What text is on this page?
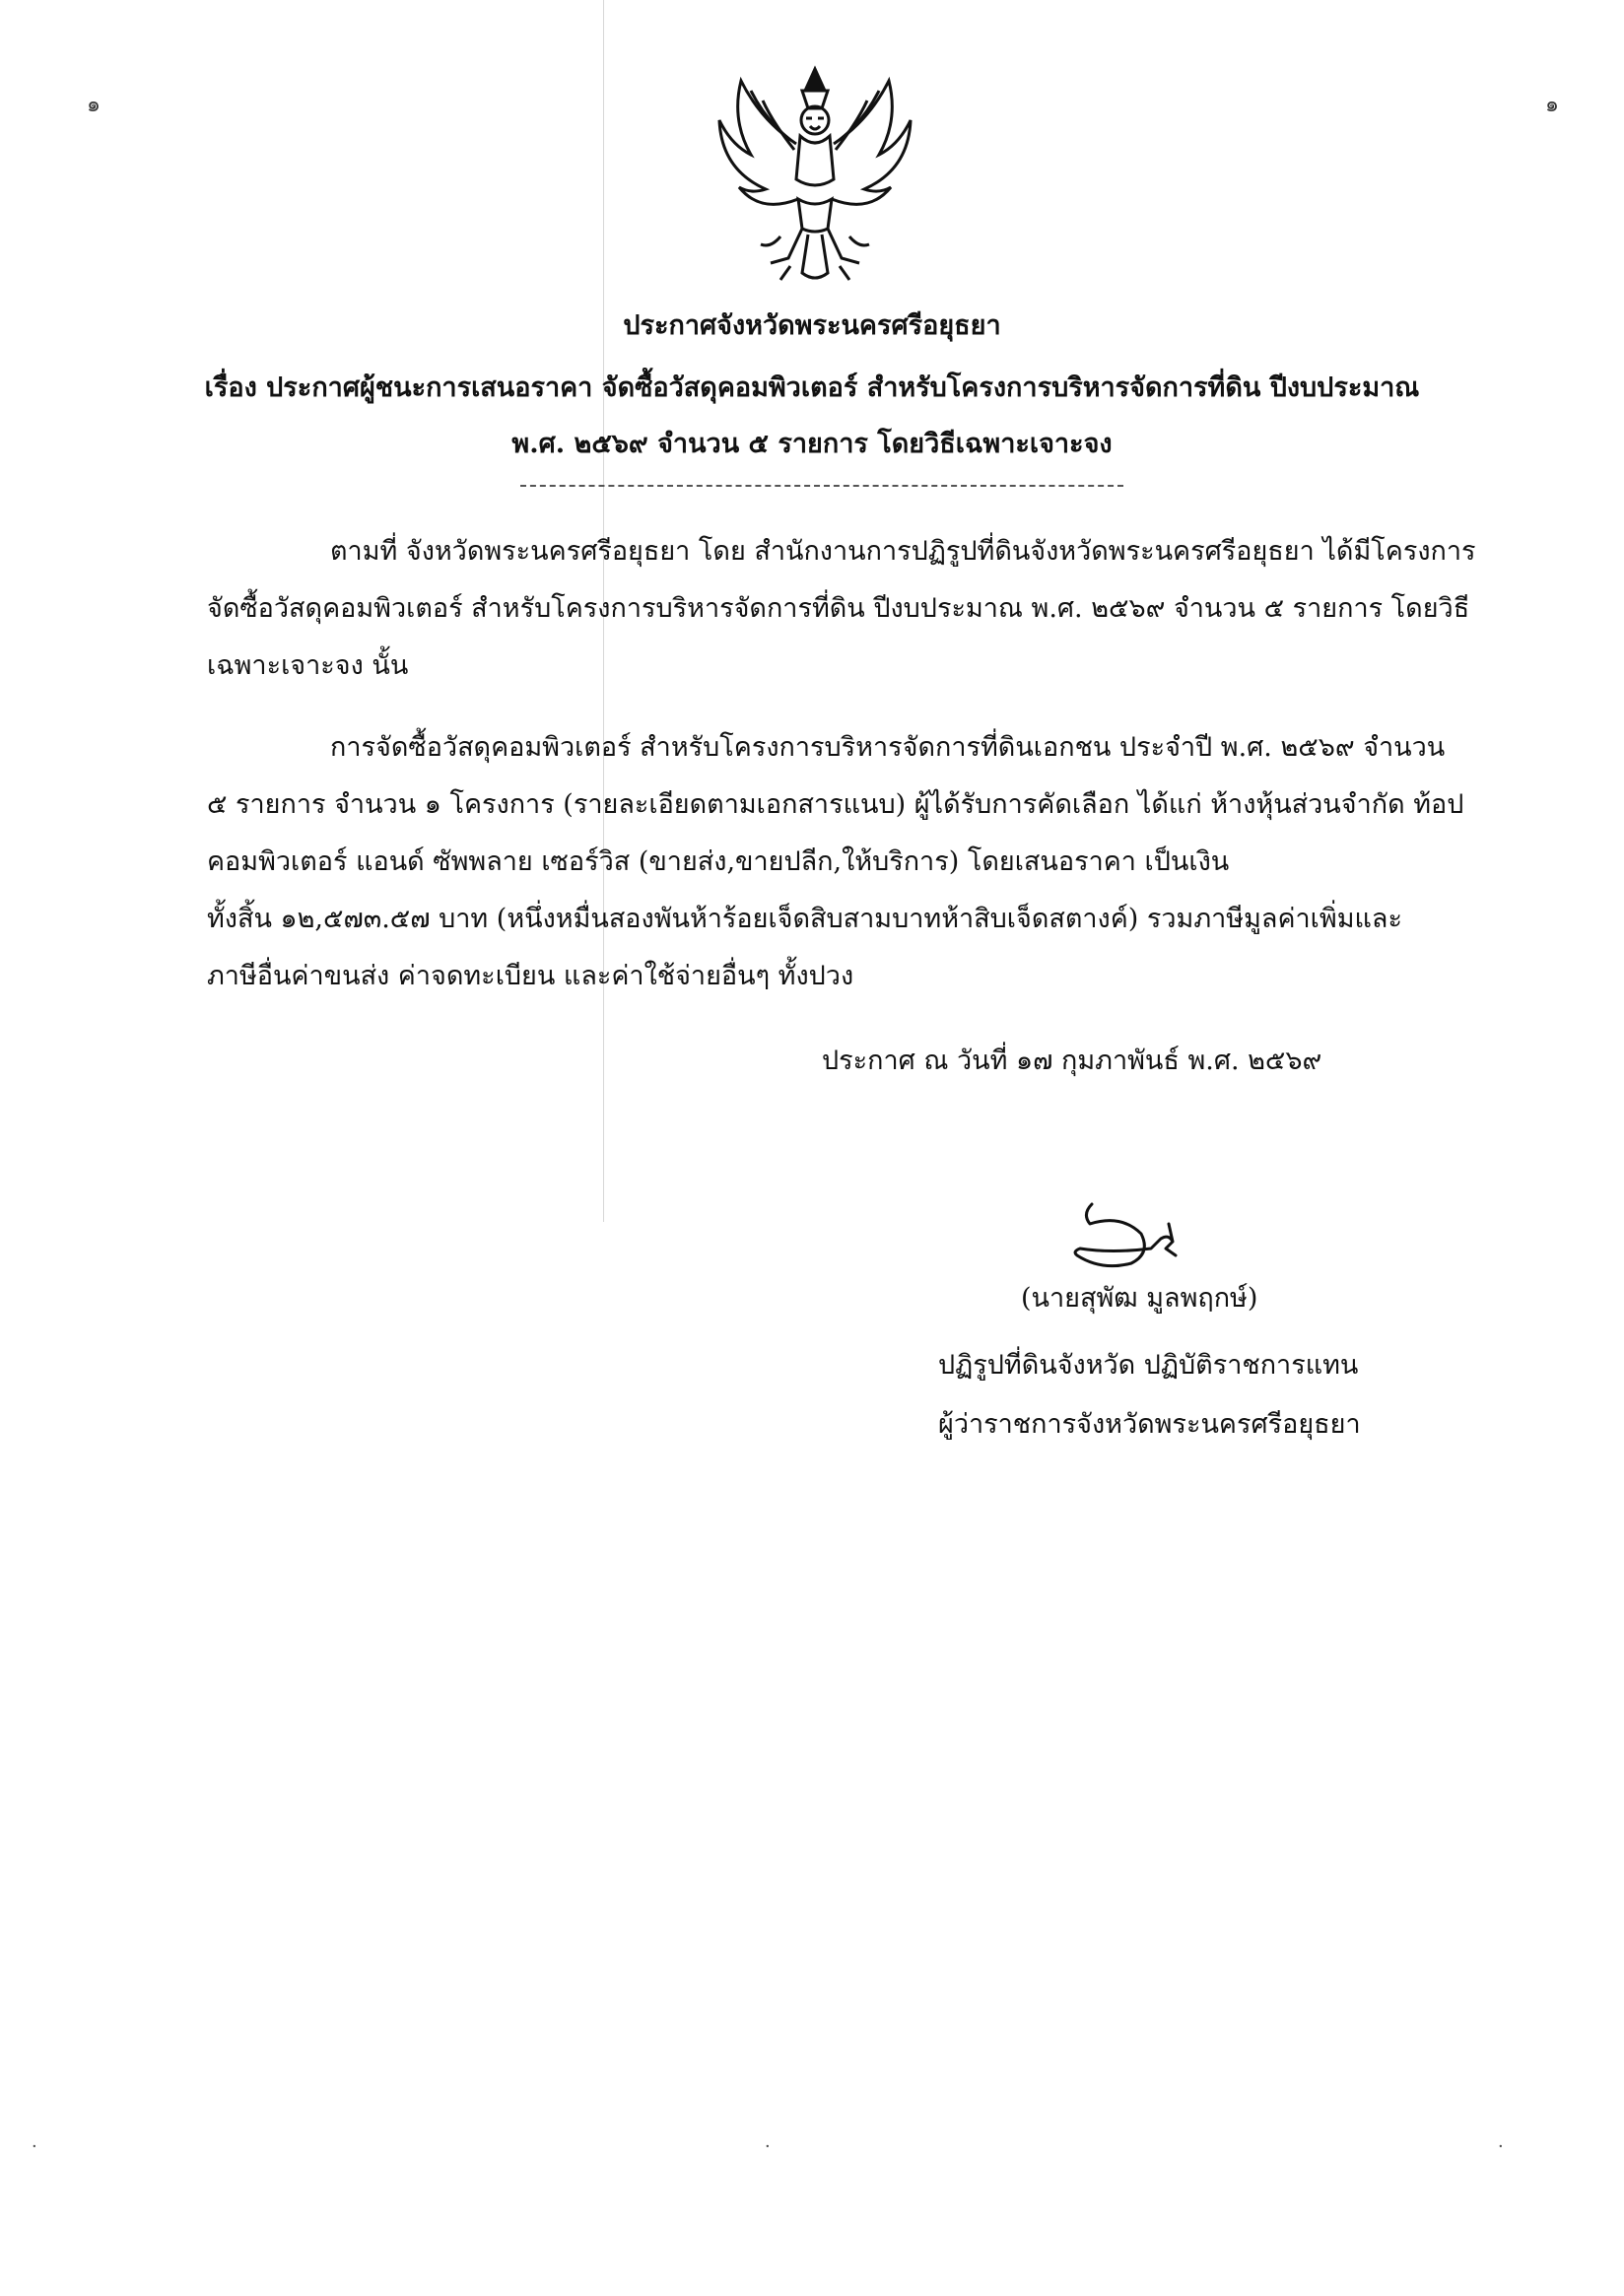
๑	๑
ประกาศจังหวัดพระนครศรีอยุธยา
เรื่อง ประกาศผู้ชนะการเสนอราคา จัดซื้อวัสดุคอมพิวเตอร์ สำหรับโครงการบริหารจัดการที่ดิน ปีงบประมาณ
พ.ศ. ๒๕๖๙ จำนวน ๕ รายการ โดยวิธีเฉพาะเจาะจง
ตามที่ จังหวัดพระนครศรีอยุธยา โดย สำนักงานการปฏิรูปที่ดินจังหวัดพระนครศรีอยุธยา ได้มีโครงการ
จัดซื้อวัสดุคอมพิวเตอร์ สำหรับโครงการบริหารจัดการที่ดิน ปีงบประมาณ พ.ศ. ๒๕๖๙ จำนวน ๕ รายการ โดยวิธี
เฉพาะเจาะจง นั้น
การจัดซื้อวัสดุคอมพิวเตอร์ สำหรับโครงการบริหารจัดการที่ดินเอกชน ประจำปี พ.ศ. ๒๕๖๙ จำนวน
๕ รายการ จำนวน ๑ โครงการ (รายละเอียดตามเอกสารแนบ) ผู้ได้รับการคัดเลือก ได้แก่ ห้างหุ้นส่วนจำกัด ท้อป
คอมพิวเตอร์ แอนด์ ซัพพลาย เซอร์วิส (ขายส่ง,ขายปลีก,ให้บริการ) โดยเสนอราคา เป็นเงิน
ทั้งสิ้น ๑๒,๕๗๓.๕๗ บาท (หนึ่งหมื่นสองพันห้าร้อยเจ็ดสิบสามบาทห้าสิบเจ็ดสตางค์) รวมภาษีมูลค่าเพิ่มและ
ภาษีอื่นค่าขนส่ง ค่าจดทะเบียน และค่าใช้จ่ายอื่นๆ ทั้งปวง
ประกาศ ณ วันที่ ๑๗ กุมภาพันธ์ พ.ศ. ๒๕๖๙
(นายสุพัฒ มูลพฤกษ์)
ปฏิรูปที่ดินจังหวัด ปฏิบัติราชการแทน
ผู้ว่าราชการจังหวัดพระนครศรีอยุธยา
·	·	·
